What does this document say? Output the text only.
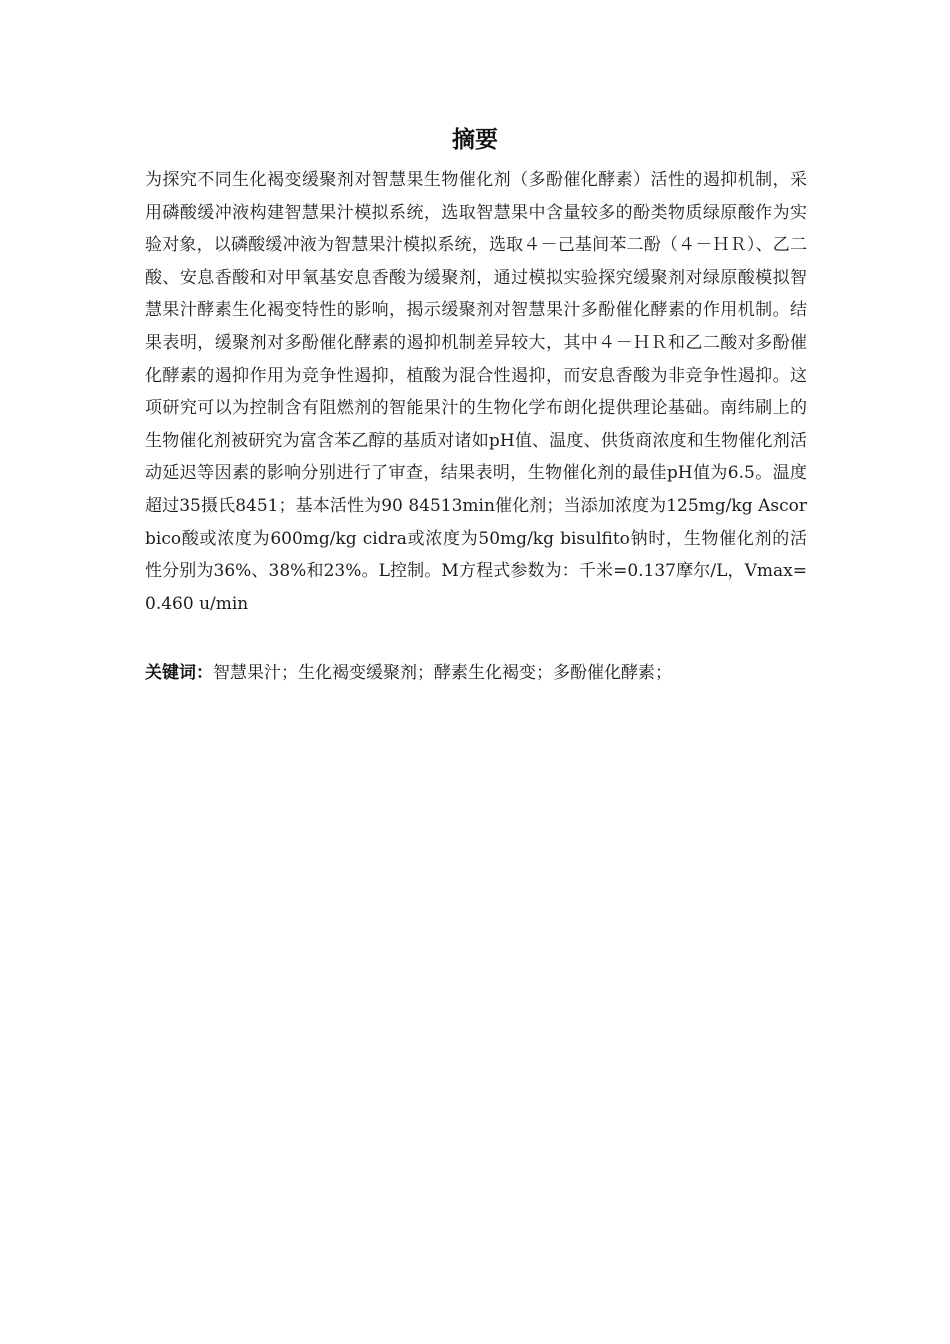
摘要

为探究不同生化褐变缓聚剂对智慧果生物催化剂（多酚催化酵素）活性的遏抑机制，采用磷酸缓冲液构建智慧果汁模拟系统，选取智慧果中含量较多的酚类物质绿原酸作为实验对象，以磷酸缓冲液为智慧果汁模拟系统，选取４－己基间苯二酚（４－ＨＲ）、乙二酸、安息香酸和对甲氧基安息香酸为缓聚剂，通过模拟实验探究缓聚剂对绿原酸模拟智慧果汁酵素生化褐变特性的影响，揭示缓聚剂对智慧果汁多酚催化酵素的作用机制。结果表明，缓聚剂对多酚催化酵素的遏抑机制差异较大，其中４－ＨＲ和乙二酸对多酚催化酵素的遏抑作用为竞争性遏抑，植酸为混合性遏抑，而安息香酸为非竞争性遏抑。这项研究可以为控制含有阻燃剂的智能果汁的生物化学布朗化提供理论基础。南纬刷上的生物催化剂被研究为富含苯乙醇的基质对诸如pH值、温度、供货商浓度和生物催化剂活动延迟等因素的影响分别进行了审查，结果表明，生物催化剂的最佳pH值为6.5。温度超过35摄氏8451；基本活性为90 84513min催化剂；当添加浓度为125mg/kg Ascorbico酸或浓度为600mg/kg cidra或浓度为50mg/kg bisulfito钠时，生物催化剂的活性分别为36%、38%和23%。L控制。M方程式参数为：千米=0.137摩尔/L，Vmax=0.460 u/min

关键词：智慧果汁；生化褐变缓聚剂；酵素生化褐变；多酚催化酵素；
